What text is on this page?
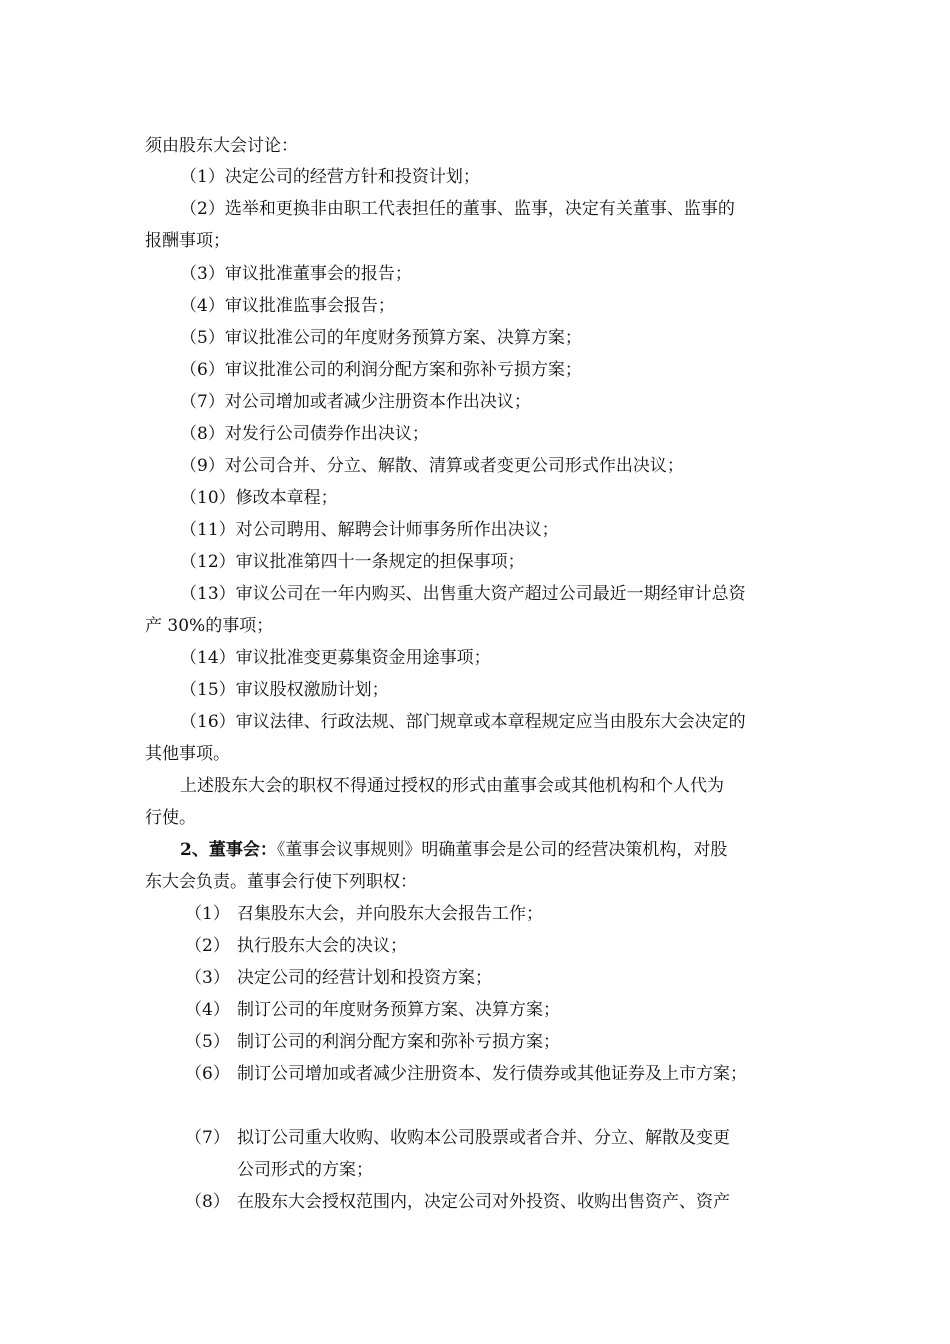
须由股东大会讨论：
（1）决定公司的经营方针和投资计划；
（2）选举和更换非由职工代表担任的董事、监事，决定有关董事、监事的
报酬事项；
（3）审议批准董事会的报告；
（4）审议批准监事会报告；
（5）审议批准公司的年度财务预算方案、决算方案；
（6）审议批准公司的利润分配方案和弥补亏损方案；
（7）对公司增加或者减少注册资本作出决议；
（8）对发行公司债券作出决议；
（9）对公司合并、分立、解散、清算或者变更公司形式作出决议；
（10）修改本章程；
（11）对公司聘用、解聘会计师事务所作出决议；
（12）审议批准第四十一条规定的担保事项；
（13）审议公司在一年内购买、出售重大资产超过公司最近一期经审计总资
产 30%的事项；
（14）审议批准变更募集资金用途事项；
（15）审议股权激励计划；
（16）审议法律、行政法规、部门规章或本章程规定应当由股东大会决定的
其他事项。
上述股东大会的职权不得通过授权的形式由董事会或其他机构和个人代为
行使。
2、董事会：《董事会议事规则》明确董事会是公司的经营决策机构，对股
东大会负责。董事会行使下列职权：
（1） 召集股东大会，并向股东大会报告工作；
（2） 执行股东大会的决议；
（3） 决定公司的经营计划和投资方案；
（4） 制订公司的年度财务预算方案、决算方案；
（5） 制订公司的利润分配方案和弥补亏损方案；
（6） 制订公司增加或者减少注册资本、发行债券或其他证券及上市方案；
（7） 拟订公司重大收购、收购本公司股票或者合并、分立、解散及变更
公司形式的方案；
（8） 在股东大会授权范围内，决定公司对外投资、收购出售资产、资产
